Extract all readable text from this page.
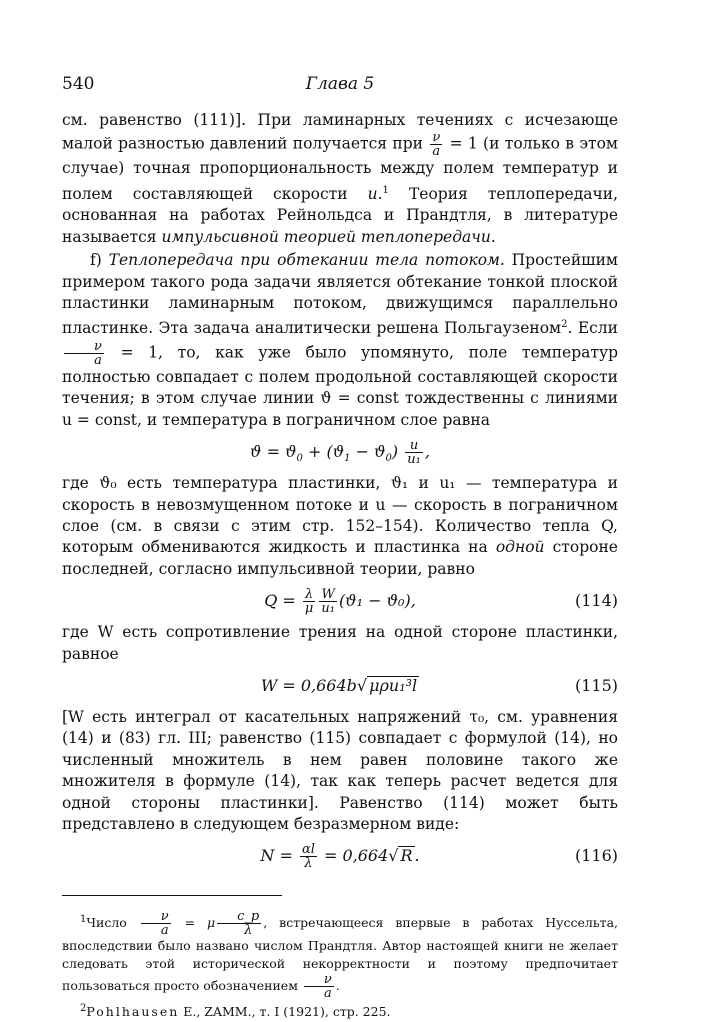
540	Глава 5

см. равенство (111)]. При ламинарных течениях с исчезающе малой разностью давлений получается при $\frac{\nu}{a} = 1$ (и только в этом случае) точная пропорциональность между полем температур и полем составляющей скорости u.$^1$ Теория теплопередачи, основанная на работах Рейнольдса и Прандтля, в литературе называется импульсивной теорией теплопередачи.

f) Теплопередача при обтекании тела потоком. Простейшим примером такого рода задачи является обтекание тонкой плоской пластинки ламинарным потоком, движущимся параллельно пластинке. Эта задача аналитически решена Польгаузеном$^2$. Если
$\frac{\nu}{a} = 1$, то, как уже было упомянуто, поле температур полностью совпадает с полем продольной составляющей скорости течения; в этом случае линии ϑ = const тождественны с линиями u = const, и температура в пограничном слое равна

$ϑ = ϑ_0 + (ϑ_1 - ϑ_0) \frac{u}{\text{u₁}}$ ,

где ϑ₀ есть температура пластинки, ϑ₁ и u₁ — температура и скорость в невозмущенном потоке и u — скорость в пограничном слое (см. в связи с этим стр. 152–154). Количество тепла Q, которым обмениваются жидкость и пластинка на одной стороне последней, согласно импульсивной теории, равно

$Q = \frac{\lambda}{\mu} \frac{W}{\text{u₁}} (ϑ_1 - ϑ_0)$,	(114)

где W есть сопротивление трения на одной стороне пластинки, равное

W = 0,664b√ μρu₁³l	(115)

[W есть интеграл от касательных напряжений τ₀, см. уравнения (14) и (83) гл. III; равенство (115) совпадает с формулой (14), но численный множитель в нем равен половине такого же множителя в формуле (14), так как теперь расчет ведется для одной стороны пластинки]. Равенство (114) может быть представлено в следующем безразмерном виде:

$N = \frac{\alpha l}{\lambda} = 0,664√$ R .	(116)

$^1$Число $\frac{\nu}{a} = \mu \frac{c\_p}{\lambda}$ , встречающееся впервые в работах Нуссельта, впоследствии было названо числом Прандтля. Автор настоящей книги не желает следовать этой исторической некорректности и поэтому предпочитает пользоваться просто обозначением $\frac{\nu}{a}$ .

$^2$Pohlhausen E., ZAMM., т. I (1921), стр. 225.
